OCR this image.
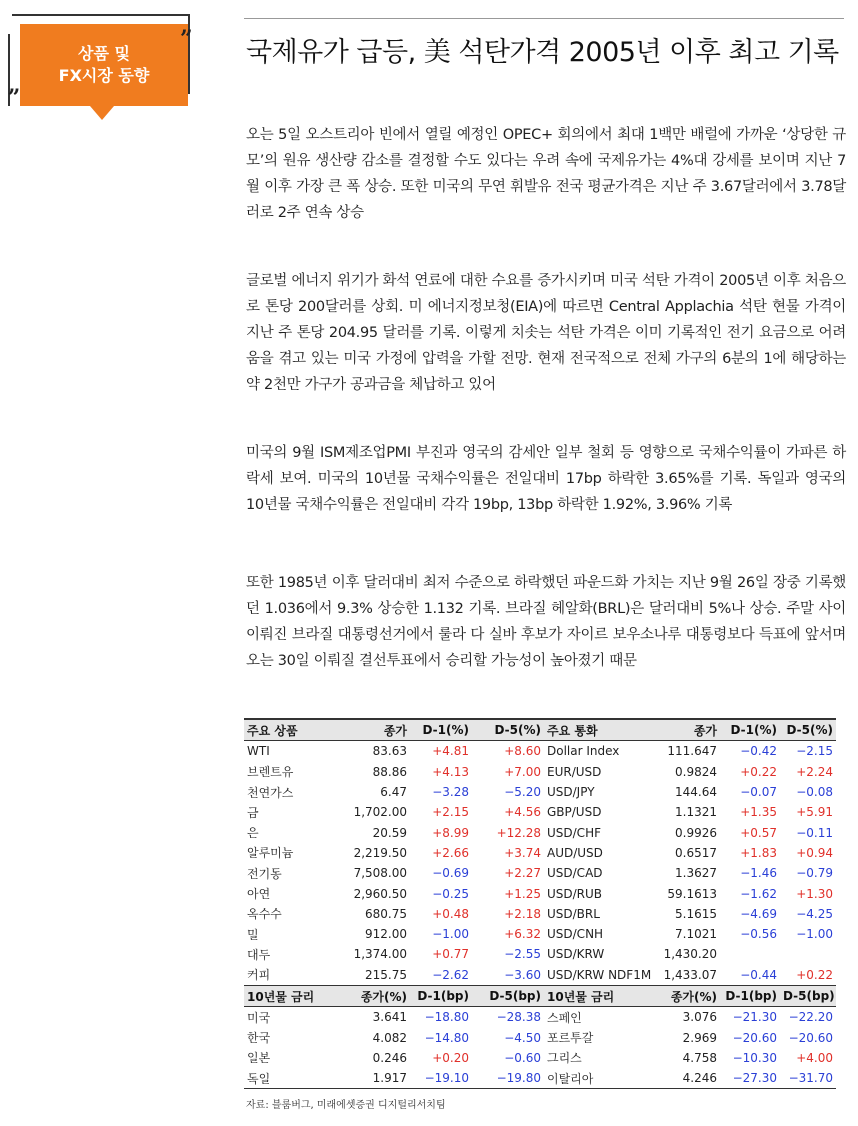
상품 및
FX시장 동향
”
„
국제유가 급등, 美 석탄가격 2005년 이후 최고 기록
오는 5일 오스트리아 빈에서 열릴 예정인 OPEC+ 회의에서 최대 1백만 배럴에 가까운 ‘상당한 규모’의 원유 생산량 감소를 결정할 수도 있다는 우려 속에 국제유가는 4%대 강세를 보이며 지난 7월 이후 가장 큰 폭 상승. 또한 미국의 무연 휘발유 전국 평균가격은 지난 주 3.67달러에서 3.78달러로 2주 연속 상승
글로벌 에너지 위기가 화석 연료에 대한 수요를 증가시키며 미국 석탄 가격이 2005년 이후 처음으로 톤당 200달러를 상회. 미 에너지정보청(EIA)에 따르면 Central Applachia 석탄 현물 가격이 지난 주 톤당 204.95 달러를 기록. 이렇게 치솟는 석탄 가격은 이미 기록적인 전기 요금으로 어려움을 겪고 있는 미국 가정에 압력을 가할 전망. 현재 전국적으로 전체 가구의 6분의 1에 해당하는 약 2천만 가구가 공과금을 체납하고 있어
미국의 9월 ISM제조업PMI 부진과 영국의 감세안 일부 철회 등 영향으로 국채수익률이 가파른 하락세 보여. 미국의 10년물 국채수익률은 전일대비 17bp 하락한 3.65%를 기록. 독일과 영국의 10년물 국채수익률은 전일대비 각각 19bp, 13bp 하락한 1.92%, 3.96% 기록
또한 1985년 이후 달러대비 최저 수준으로 하락했던 파운드화 가치는 지난 9월 26일 장중 기록했던 1.036에서 9.3% 상승한 1.132 기록. 브라질 헤알화(BRL)은 달러대비 5%나 상승. 주말 사이 이뤄진 브라질 대통령선거에서 룰라 다 실바 후보가 자이르 보우소나루 대통령보다 득표에 앞서며 오는 30일 이뤄질 결선투표에서 승리할 가능성이 높아졌기 때문
주요 상품	종가	D-1(%)	D-5(%)	주요 통화	종가	D-1(%)	D-5(%)
WTI	83.63	+4.81	+8.60	Dollar Index	111.647	−0.42	−2.15
브렌트유	88.86	+4.13	+7.00	EUR/USD	0.9824	+0.22	+2.24
천연가스	6.47	−3.28	−5.20	USD/JPY	144.64	−0.07	−0.08
금	1,702.00	+2.15	+4.56	GBP/USD	1.1321	+1.35	+5.91
은	20.59	+8.99	+12.28	USD/CHF	0.9926	+0.57	−0.11
알루미늄	2,219.50	+2.66	+3.74	AUD/USD	0.6517	+1.83	+0.94
전기동	7,508.00	−0.69	+2.27	USD/CAD	1.3627	−1.46	−0.79
아연	2,960.50	−0.25	+1.25	USD/RUB	59.1613	−1.62	+1.30
옥수수	680.75	+0.48	+2.18	USD/BRL	5.1615	−4.69	−4.25
밀	912.00	−1.00	+6.32	USD/CNH	7.1021	−0.56	−1.00
대두	1,374.00	+0.77	−2.55	USD/KRW	1,430.20		
커피	215.75	−2.62	−3.60	USD/KRW NDF1M	1,433.07	−0.44	+0.22
10년물 금리	종가(%)	D-1(bp)	D-5(bp)	10년물 금리	종가(%)	D-1(bp)	D-5(bp)
미국	3.641	−18.80	−28.38	스페인	3.076	−21.30	−22.20
한국	4.082	−14.80	−4.50	포르투갈	2.969	−20.60	−20.60
일본	0.246	+0.20	−0.60	그리스	4.758	−10.30	+4.00
독일	1.917	−19.10	−19.80	이탈리아	4.246	−27.30	−31.70
자료: 블룸버그, 미래에셋증권 디지털리서치팀
